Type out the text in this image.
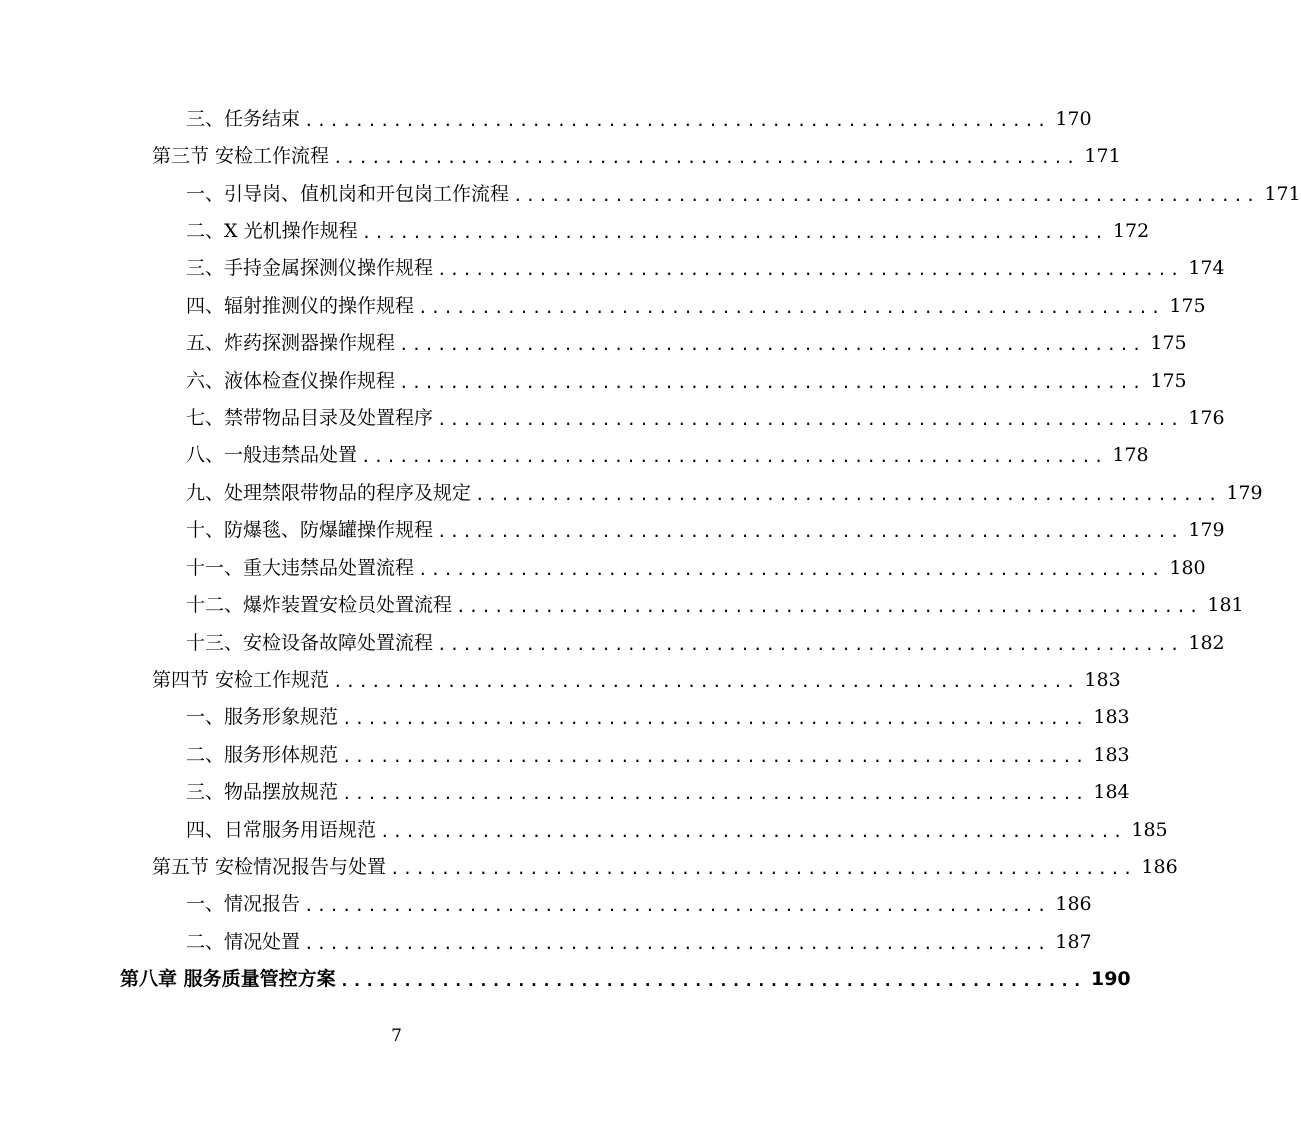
三、任务结束 ........................................................... 170
第三节 安检工作流程 ........................................................... 171
一、引导岗、值机岗和开包岗工作流程 ........................................................... 171
二、X 光机操作规程 ........................................................... 172
三、手持金属探测仪操作规程 ........................................................... 174
四、辐射推测仪的操作规程 ........................................................... 175
五、炸药探测器操作规程 ........................................................... 175
六、液体检查仪操作规程 ........................................................... 175
七、禁带物品目录及处置程序 ........................................................... 176
八、一般违禁品处置 ........................................................... 178
九、处理禁限带物品的程序及规定 ........................................................... 179
十、防爆毯、防爆罐操作规程 ........................................................... 179
十一、重大违禁品处置流程 ........................................................... 180
十二、爆炸装置安检员处置流程 ........................................................... 181
十三、安检设备故障处置流程 ........................................................... 182
第四节 安检工作规范 ........................................................... 183
一、服务形象规范 ........................................................... 183
二、服务形体规范 ........................................................... 183
三、物品摆放规范 ........................................................... 184
四、日常服务用语规范 ........................................................... 185
第五节 安检情况报告与处置 ........................................................... 186
一、情况报告 ........................................................... 186
二、情况处置 ........................................................... 187
第八章 服务质量管控方案 ........................................................... 190
7
